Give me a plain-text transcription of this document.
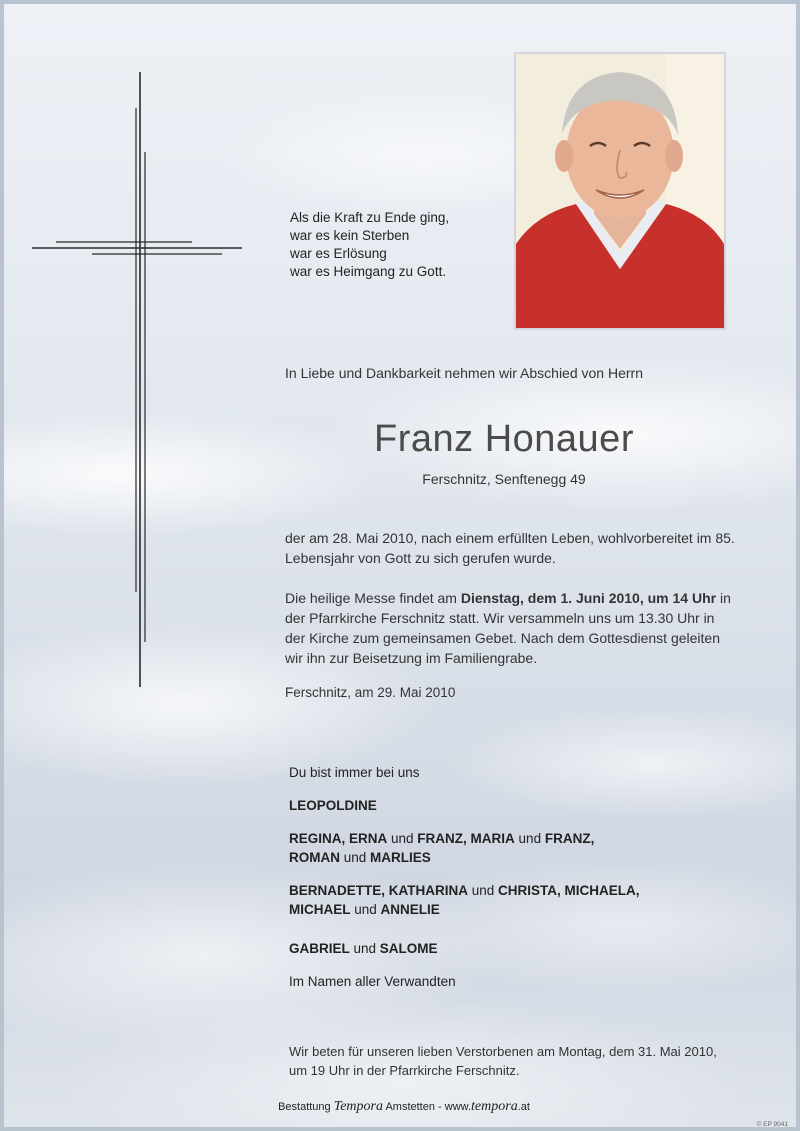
Als die Kraft zu Ende ging,
war es kein Sterben
war es Erlösung
war es Heimgang zu Gott.
In Liebe und Dankbarkeit nehmen wir Abschied von Herrn
Franz Honauer
Ferschnitz, Senftenegg 49
der am 28. Mai 2010, nach einem erfüllten Leben, wohlvorbereitet im 85. Lebensjahr von Gott zu sich gerufen wurde.
Die heilige Messe findet am Dienstag, dem 1. Juni 2010, um 14 Uhr in der Pfarrkirche Ferschnitz statt. Wir versammeln uns um 13.30 Uhr in der Kirche zum gemeinsamen Gebet. Nach dem Gottesdienst geleiten wir ihn zur Beisetzung im Familiengrabe.
Ferschnitz, am 29. Mai 2010
Du bist immer bei uns
LEOPOLDINE
REGINA, ERNA und FRANZ, MARIA und FRANZ,
ROMAN und MARLIES
BERNADETTE, KATHARINA und CHRISTA, MICHAELA,
MICHAEL und ANNELIE
GABRIEL und SALOME
Im Namen aller Verwandten
Wir beten für unseren lieben Verstorbenen am Montag, dem 31. Mai 2010,
um 19 Uhr in der Pfarrkirche Ferschnitz.
Bestattung Tempora Amstetten - www.tempora.at
© EP 9041
